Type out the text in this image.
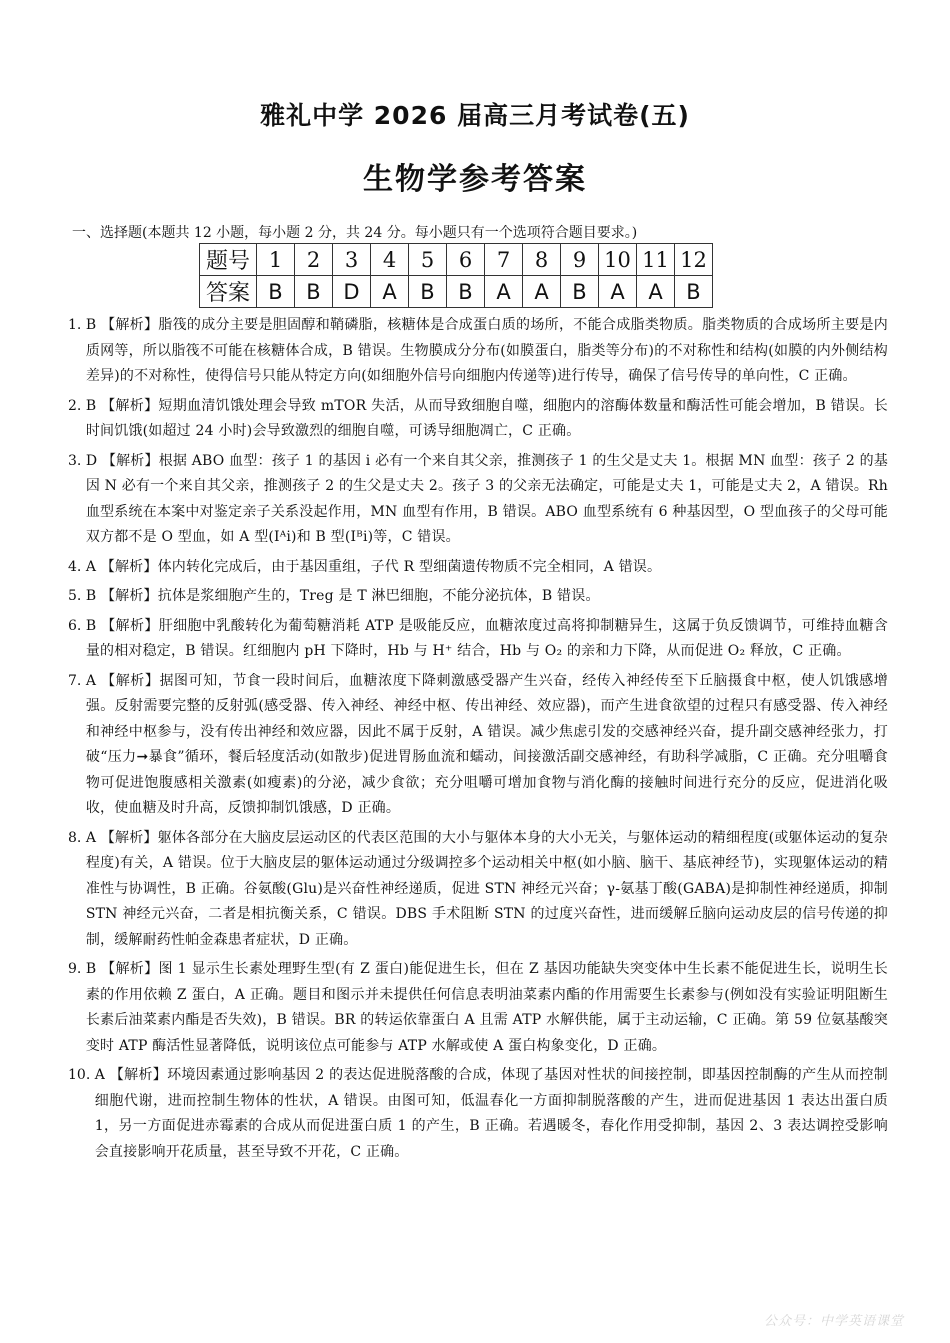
雅礼中学 2026 届高三月考试卷(五)
生物学参考答案
一、选择题(本题共 12 小题，每小题 2 分，共 24 分。每小题只有一个选项符合题目要求。)
题号	1	2	3	4	5	6	7	8	9	10	11	12
答案	B	B	D	A	B	B	A	A	B	A	A	B
1. B 【解析】脂筏的成分主要是胆固醇和鞘磷脂，核糖体是合成蛋白质的场所，不能合成脂类物质。脂类物质的合成场所主要是内质网等，所以脂筏不可能在核糖体合成，B 错误。生物膜成分分布(如膜蛋白，脂类等分布)的不对称性和结构(如膜的内外侧结构差异)的不对称性，使得信号只能从特定方向(如细胞外信号向细胞内传递等)进行传导，确保了信号传导的单向性，C 正确。
2. B 【解析】短期血清饥饿处理会导致 mTOR 失活，从而导致细胞自噬，细胞内的溶酶体数量和酶活性可能会增加，B 错误。长时间饥饿(如超过 24 小时)会导致激烈的细胞自噬，可诱导细胞凋亡，C 正确。
3. D 【解析】根据 ABO 血型：孩子 1 的基因 i 必有一个来自其父亲，推测孩子 1 的生父是丈夫 1。根据 MN 血型：孩子 2 的基因 N 必有一个来自其父亲，推测孩子 2 的生父是丈夫 2。孩子 3 的父亲无法确定，可能是丈夫 1，可能是丈夫 2，A 错误。Rh 血型系统在本案中对鉴定亲子关系没起作用，MN 血型有作用，B 错误。ABO 血型系统有 6 种基因型，O 型血孩子的父母可能双方都不是 O 型血，如 A 型(Iᴬi)和 B 型(Iᴮi)等，C 错误。
4. A 【解析】体内转化完成后，由于基因重组，子代 R 型细菌遗传物质不完全相同，A 错误。
5. B 【解析】抗体是浆细胞产生的，Treg 是 T 淋巴细胞，不能分泌抗体，B 错误。
6. B 【解析】肝细胞中乳酸转化为葡萄糖消耗 ATP 是吸能反应，血糖浓度过高将抑制糖异生，这属于负反馈调节，可维持血糖含量的相对稳定，B 错误。红细胞内 pH 下降时，Hb 与 H⁺ 结合，Hb 与 O₂ 的亲和力下降，从而促进 O₂ 释放，C 正确。
7. A 【解析】据图可知，节食一段时间后，血糖浓度下降刺激感受器产生兴奋，经传入神经传至下丘脑摄食中枢，使人饥饿感增强。反射需要完整的反射弧(感受器、传入神经、神经中枢、传出神经、效应器)，而产生进食欲望的过程只有感受器、传入神经和神经中枢参与，没有传出神经和效应器，因此不属于反射，A 错误。减少焦虑引发的交感神经兴奋，提升副交感神经张力，打破“压力➞暴食”循环，餐后轻度活动(如散步)促进胃肠血流和蠕动，间接激活副交感神经，有助科学减脂，C 正确。充分咀嚼食物可促进饱腹感相关激素(如瘦素)的分泌，减少食欲；充分咀嚼可增加食物与消化酶的接触时间进行充分的反应，促进消化吸收，使血糖及时升高，反馈抑制饥饿感，D 正确。
8. A 【解析】躯体各部分在大脑皮层运动区的代表区范围的大小与躯体本身的大小无关，与躯体运动的精细程度(或躯体运动的复杂程度)有关，A 错误。位于大脑皮层的躯体运动通过分级调控多个运动相关中枢(如小脑、脑干、基底神经节)，实现躯体运动的精准性与协调性，B 正确。谷氨酸(Glu)是兴奋性神经递质，促进 STN 神经元兴奋；γ-氨基丁酸(GABA)是抑制性神经递质，抑制 STN 神经元兴奋，二者是相抗衡关系，C 错误。DBS 手术阻断 STN 的过度兴奋性，进而缓解丘脑向运动皮层的信号传递的抑制，缓解耐药性帕金森患者症状，D 正确。
9. B 【解析】图 1 显示生长素处理野生型(有 Z 蛋白)能促进生长，但在 Z 基因功能缺失突变体中生长素不能促进生长，说明生长素的作用依赖 Z 蛋白，A 正确。题目和图示并未提供任何信息表明油菜素内酯的作用需要生长素参与(例如没有实验证明阻断生长素后油菜素内酯是否失效)，B 错误。BR 的转运依靠蛋白 A 且需 ATP 水解供能，属于主动运输，C 正确。第 59 位氨基酸突变时 ATP 酶活性显著降低，说明该位点可能参与 ATP 水解或使 A 蛋白构象变化，D 正确。
10. A 【解析】环境因素通过影响基因 2 的表达促进脱落酸的合成，体现了基因对性状的间接控制，即基因控制酶的产生从而控制细胞代谢，进而控制生物体的性状，A 错误。由图可知，低温春化一方面抑制脱落酸的产生，进而促进基因 1 表达出蛋白质 1，另一方面促进赤霉素的合成从而促进蛋白质 1 的产生，B 正确。若遇暖冬，春化作用受抑制，基因 2、3 表达调控受影响会直接影响开花质量，甚至导致不开花，C 正确。
公众号：中学英语课堂
